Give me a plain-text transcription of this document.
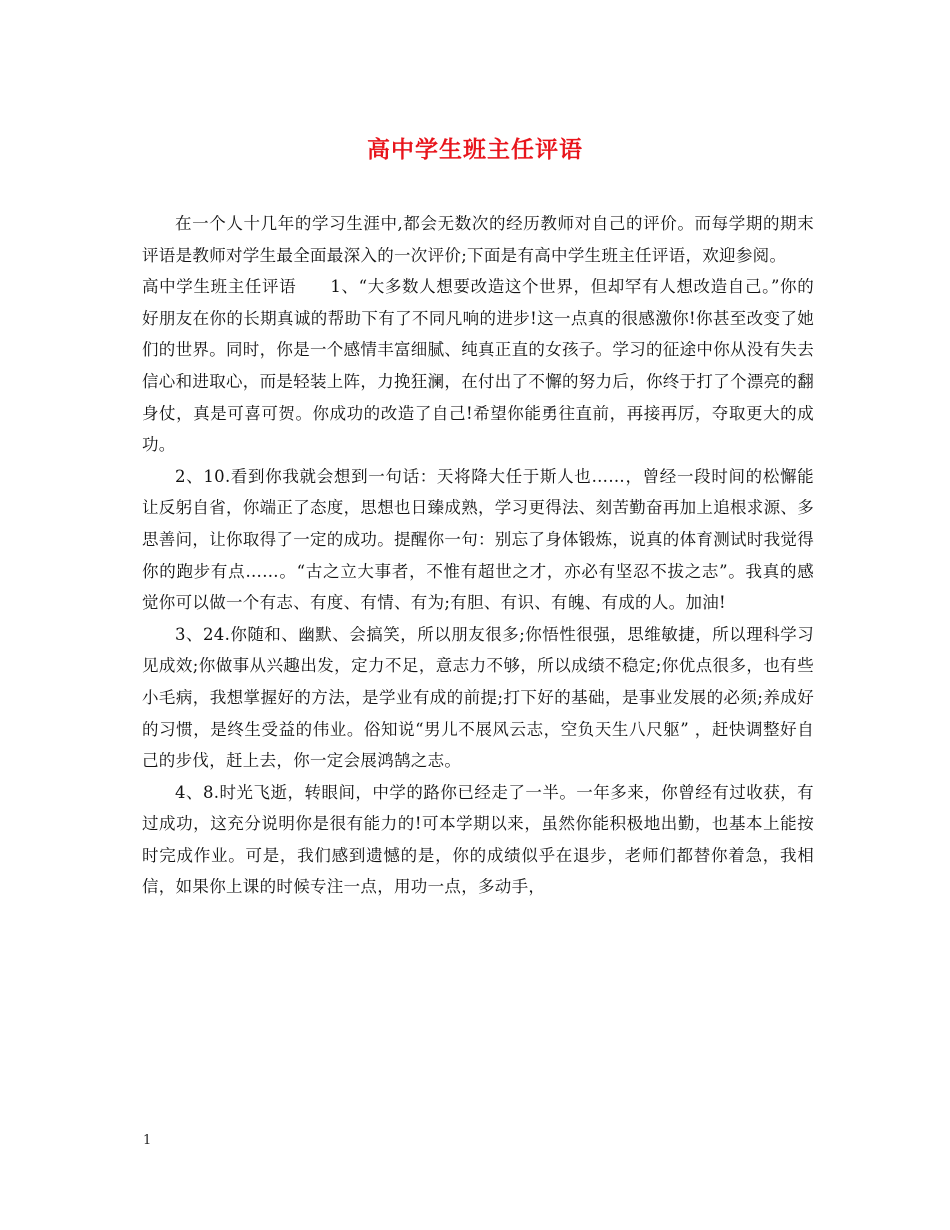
高中学生班主任评语

在一个人十几年的学习生涯中,都会无数次的经历教师对自己的评价。而每学期的期末评语是教师对学生最全面最深入的一次评价;下面是有高中学生班主任评语，欢迎参阅。

高中学生班主任评语 1、“大多数人想要改造这个世界，但却罕有人想改造自己。”你的好朋友在你的长期真诚的帮助下有了不同凡响的进步!这一点真的很感激你!你甚至改变了她们的世界。同时，你是一个感情丰富细腻、纯真正直的女孩子。学习的征途中你从没有失去信心和进取心，而是轻装上阵，力挽狂澜，在付出了不懈的努力后，你终于打了个漂亮的翻身仗，真是可喜可贺。你成功的改造了自己!希望你能勇往直前，再接再厉，夺取更大的成功。

2、10.看到你我就会想到一句话：天将降大任于斯人也……，曾经一段时间的松懈能让反躬自省，你端正了态度，思想也日臻成熟，学习更得法、刻苦勤奋再加上追根求源、多思善问，让你取得了一定的成功。提醒你一句：别忘了身体锻炼，说真的体育测试时我觉得你的跑步有点……。“古之立大事者，不惟有超世之才，亦必有坚忍不拔之志”。我真的感觉你可以做一个有志、有度、有情、有为;有胆、有识、有魄、有成的人。加油!

3、24.你随和、幽默、会搞笑，所以朋友很多;你悟性很强，思维敏捷，所以理科学习见成效;你做事从兴趣出发，定力不足，意志力不够，所以成绩不稳定;你优点很多，也有些小毛病，我想掌握好的方法，是学业有成的前提;打下好的基础，是事业发展的必须;养成好的习惯，是终生受益的伟业。俗知说“男儿不展风云志，空负天生八尺躯” ，赶快调整好自己的步伐，赶上去，你一定会展鸿鹄之志。

4、8.时光飞逝，转眼间，中学的路你已经走了一半。一年多来，你曾经有过收获，有过成功，这充分说明你是很有能力的!可本学期以来，虽然你能积极地出勤，也基本上能按时完成作业。可是，我们感到遗憾的是，你的成绩似乎在退步，老师们都替你着急，我相信，如果你上课的时候专注一点，用功一点，多动手，

1
